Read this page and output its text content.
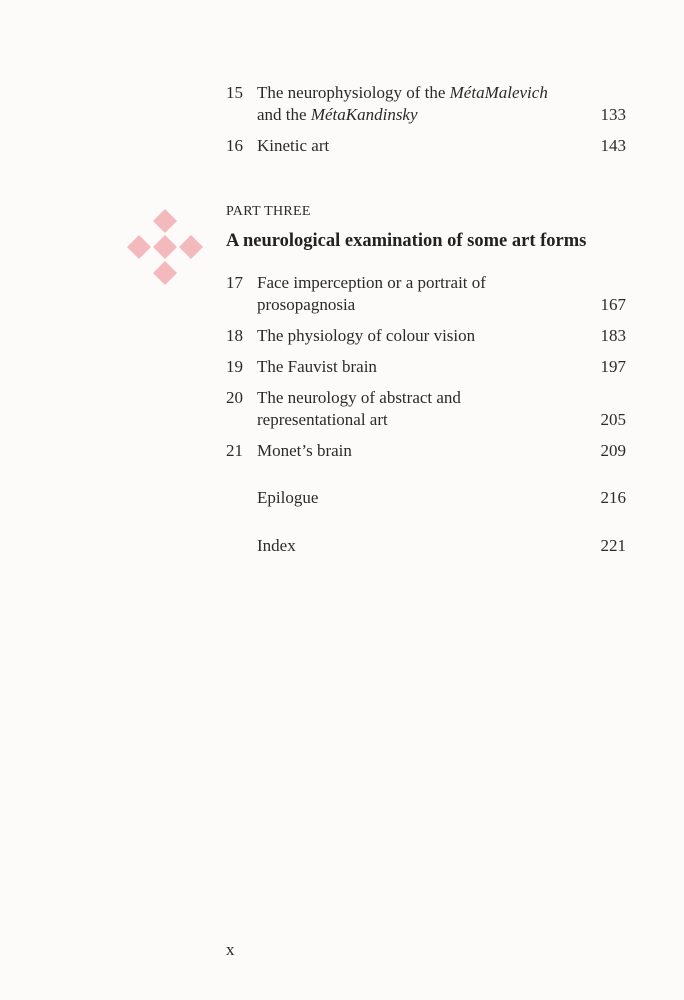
15 The neurophysiology of the MétaMalevich
and the MétaKandinsky	133
16 Kinetic art	143
PART THREE
A neurological examination of some art forms
17 Face imperception or a portrait of prosopagnosia	167
18 The physiology of colour vision	183
19 The Fauvist brain	197
20 The neurology of abstract and representational art	205
21 Monet’s brain	209
Epilogue	216
Index	221
x
